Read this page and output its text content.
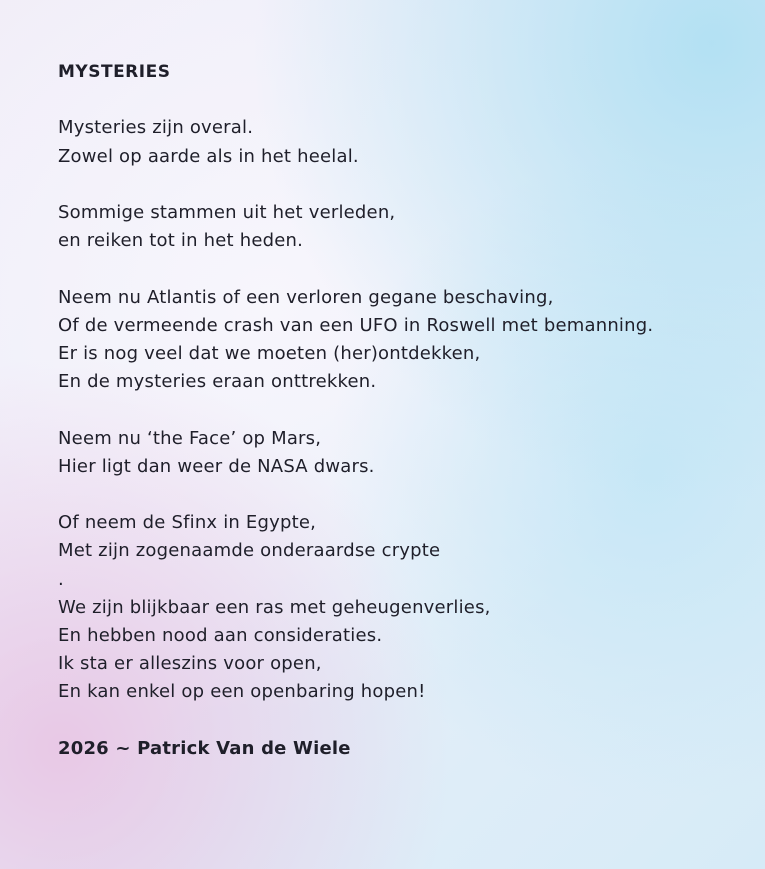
MYSTERIES

Mysteries zijn overal.

Zowel op aarde als in het heelal.

Sommige stammen uit het verleden,

en reiken tot in het heden.

Neem nu Atlantis of een verloren gegane beschaving,

Of de vermeende crash van een UFO in Roswell met bemanning.

Er is nog veel dat we moeten (her)ontdekken,

En de mysteries eraan onttrekken.

Neem nu ‘the Face’ op Mars,

Hier ligt dan weer de NASA dwars.

Of neem de Sfinx in Egypte,

Met zijn zogenaamde onderaardse crypte

.

We zijn blijkbaar een ras met geheugenverlies,

En hebben nood aan consideraties.

Ik sta er alleszins voor open,

En kan enkel op een openbaring hopen!

2026 ~ Patrick Van de Wiele
